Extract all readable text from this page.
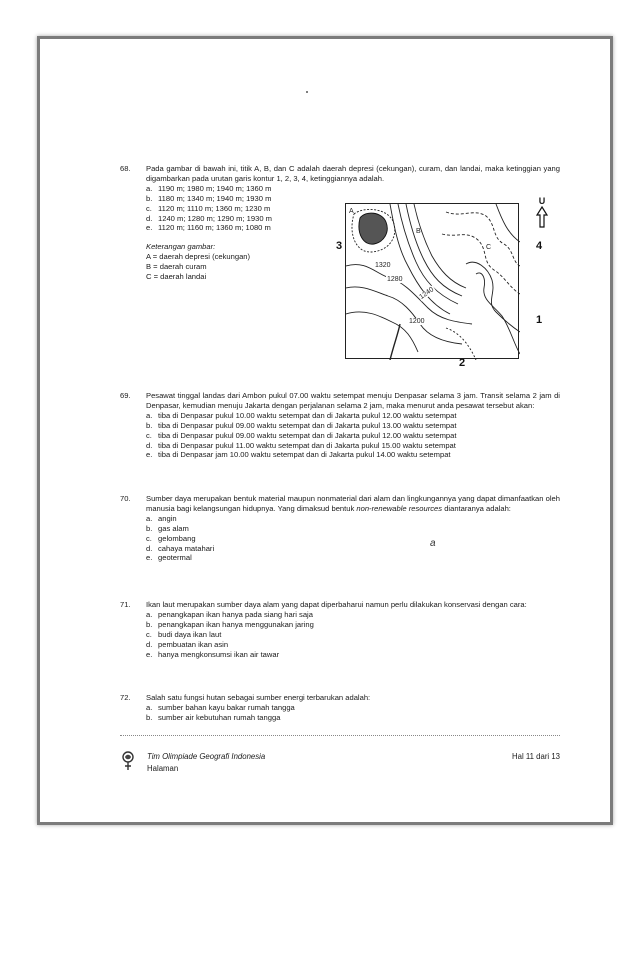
68.	Pada gambar di bawah ini, titik A, B, dan C adalah daerah depresi (cekungan), curam, dan landai, maka ketinggian yang digambarkan pada urutan garis kontur 1, 2, 3, 4, ketinggiannya adalah.
a. 1190 m; 1980 m; 1940 m; 1360 m
b. 1180 m; 1340 m; 1940 m; 1930 m
c. 1120 m; 1110 m; 1360 m; 1230 m
d. 1240 m; 1280 m; 1290 m; 1930 m
e. 1120 m; 1160 m; 1360 m; 1080 m
Keterangan gambar:
A = daerah depresi (cekungan)
B = daerah curam
C = daerah landai
A
B
C
1320
1280
1240
1200
3	4
1
2
U
69.	Pesawat tinggal landas dari Ambon pukul 07.00 waktu setempat menuju Denpasar selama 3 jam. Transit selama 2 jam di Denpasar, kemudian menuju Jakarta dengan perjalanan selama 2 jam, maka menurut anda pesawat tersebut akan:
a. tiba di Denpasar pukul 10.00 waktu setempat dan di Jakarta pukul 12.00 waktu setempat
b. tiba di Denpasar pukul 09.00 waktu setempat dan di Jakarta pukul 13.00 waktu setempat
c. tiba di Denpasar pukul 09.00 waktu setempat dan di Jakarta pukul 12.00 waktu setempat
d. tiba di Denpasar pukul 11.00 waktu setempat dan di Jakarta pukul 15.00 waktu setempat
e. tiba di Denpasar jam 10.00 waktu setempat dan di Jakarta pukul 14.00 waktu setempat
70.	Sumber daya merupakan bentuk material maupun nonmaterial dari alam dan lingkungannya yang dapat dimanfaatkan oleh manusia bagi kelangsungan hidupnya. Yang dimaksud bentuk non-renewable resources diantaranya adalah:
a. angin
b. gas alam
c. gelombang
d. cahaya matahari
e. geotermal
a
71.	Ikan laut merupakan sumber daya alam yang dapat diperbaharui namun perlu dilakukan konservasi dengan cara:
a. penangkapan ikan hanya pada siang hari saja
b. penangkapan ikan hanya menggunakan jaring
c. budi daya ikan laut
d. pembuatan ikan asin
e. hanya mengkonsumsi ikan air tawar
72.	Salah satu fungsi hutan sebagai sumber energi terbarukan adalah:
a. sumber bahan kayu bakar rumah tangga
b. sumber air kebutuhan rumah tangga
Tim Olimpiade Geografi Indonesia
Halaman
Hal 11 dari 13
